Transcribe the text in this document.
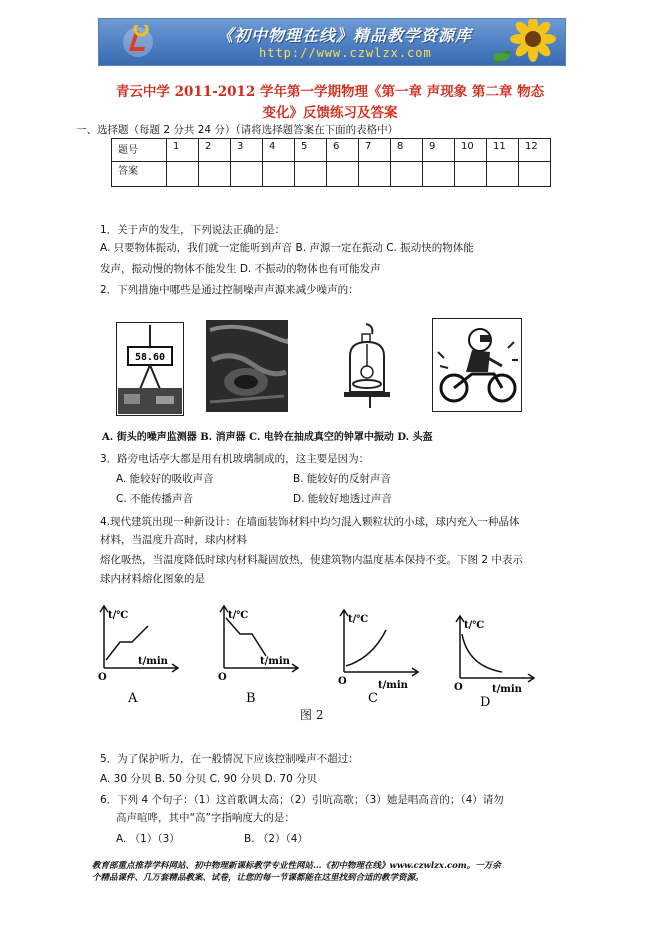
《初中物理在线》精品教学资源库
http://www.czwlzx.com
青云中学 2011-2012 学年第一学期物理《第一章 声现象 第二章 物态
变化》反馈练习及答案
一、选择题（每题 2 分共 24 分）（请将选择题答案在下面的表格中）
题号	1	2	3	4	5	6	7	8	9	10	11	12
答案												
1．关于声的发生，下列说法正确的是：
A. 只要物体振动，我们就一定能听到声音 B. 声源一定在振动 C. 振动快的物体能
发声，振动慢的物体不能发生 D. 不振动的物体也有可能发声
2．下列措施中哪些是通过控制噪声声源来减少噪声的：
58.60
A. 街头的噪声监测器 B. 消声器 C. 电铃在抽成真空的钟罩中振动 D. 头盔
3．路旁电话亭大都是用有机玻璃制成的，这主要是因为：
A. 能较好的吸收声音	B. 能较好的反射声音
C. 不能传播声音	D. 能较好地透过声音
4.现代建筑出现一种新设计：在墙面装饰材料中均匀混入颗粒状的小球，球内充入一种晶体
材料，当温度升高时，球内材料
熔化吸热，当温度降低时球内材料凝固放热，使建筑物内温度基本保持不变。下图 2 中表示
球内材料熔化图象的是
t/℃
t/min
O
A
t/℃
t/min
O
B
t/℃
t/min
O
C
t/℃
t/min
O
D
图 2
5．为了保护听力，在一般情况下应该控制噪声不超过：
A. 30 分贝 B. 50 分贝 C. 90 分贝 D. 70 分贝
6．下列 4 个句子：（1）这首歌调太高；（2）引吭高歌；（3）她是唱高音的；（4）请勿
高声喧哗，其中“高”字指响度大的是：
A. （1）（3）	B. （2）（4）
教育部重点推荐学科网站、初中物理新课标教学专业性网站…《初中物理在线》www.czwlzx.com。一万余
个精品课件、几万套精品教案、试卷，让您的每一节课都能在这里找到合适的教学资源。
